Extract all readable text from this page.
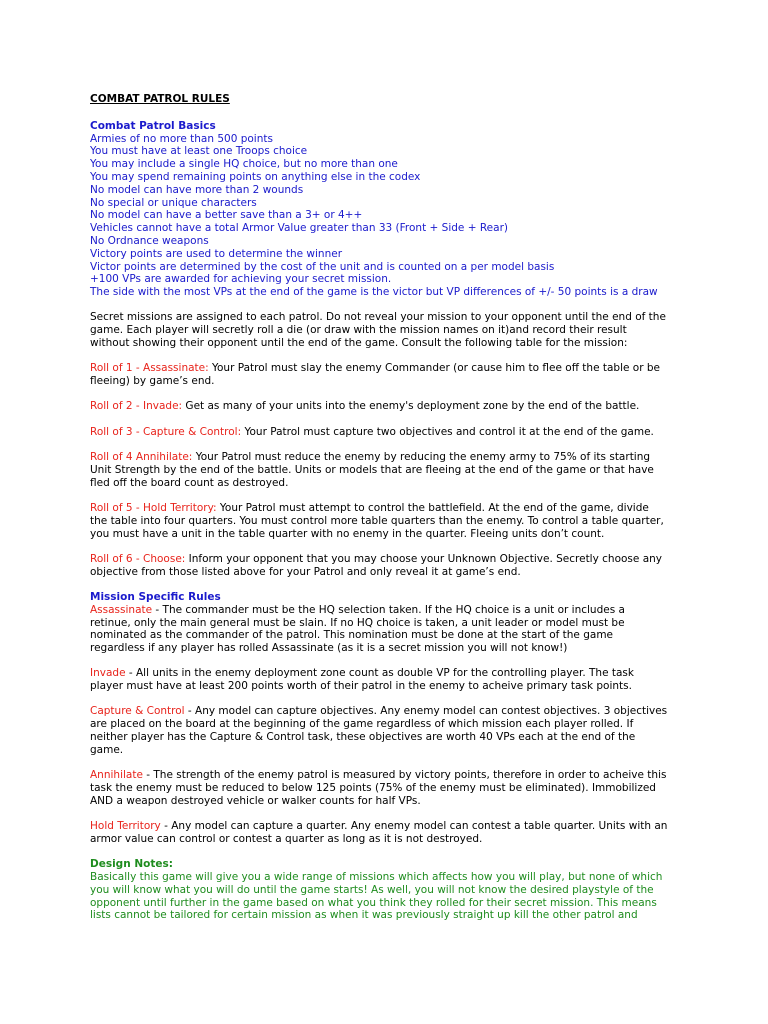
COMBAT PATROL RULES

Combat Patrol Basics

Armies of no more than 500 points

You must have at least one Troops choice

You may include a single HQ choice, but no more than one

You may spend remaining points on anything else in the codex

No model can have more than 2 wounds

No special or unique characters

No model can have a better save than a 3+ or 4++

Vehicles cannot have a total Armor Value greater than 33 (Front + Side + Rear)

No Ordnance weapons

Victory points are used to determine the winner

Victor points are determined by the cost of the unit and is counted on a per model basis

+100 VPs are awarded for achieving your secret mission.

The side with the most VPs at the end of the game is the victor but VP differences of +/- 50 points is a draw

Secret missions are assigned to each patrol. Do not reveal your mission to your opponent until the end of the

game. Each player will secretly roll a die (or draw with the mission names on it)and record their result

without showing their opponent until the end of the game. Consult the following table for the mission:

Roll of 1 - Assassinate: Your Patrol must slay the enemy Commander (or cause him to flee off the table or be

fleeing) by game’s end.

Roll of 2 - Invade: Get as many of your units into the enemy's deployment zone by the end of the battle.

Roll of 3 - Capture & Control: Your Patrol must capture two objectives and control it at the end of the game.

Roll of 4 Annihilate: Your Patrol must reduce the enemy by reducing the enemy army to 75% of its starting

Unit Strength by the end of the battle. Units or models that are fleeing at the end of the game or that have

fled off the board count as destroyed.

Roll of 5 - Hold Territory: Your Patrol must attempt to control the battlefield. At the end of the game, divide

the table into four quarters. You must control more table quarters than the enemy. To control a table quarter,

you must have a unit in the table quarter with no enemy in the quarter. Fleeing units don’t count.

Roll of 6 - Choose: Inform your opponent that you may choose your Unknown Objective. Secretly choose any

objective from those listed above for your Patrol and only reveal it at game’s end.

Mission Specific Rules

Assassinate - The commander must be the HQ selection taken. If the HQ choice is a unit or includes a

retinue, only the main general must be slain. If no HQ choice is taken, a unit leader or model must be

nominated as the commander of the patrol. This nomination must be done at the start of the game

regardless if any player has rolled Assassinate (as it is a secret mission you will not know!)

Invade - All units in the enemy deployment zone count as double VP for the controlling player. The task

player must have at least 200 points worth of their patrol in the enemy to acheive primary task points.

Capture & Control - Any model can capture objectives. Any enemy model can contest objectives. 3 objectives

are placed on the board at the beginning of the game regardless of which mission each player rolled. If

neither player has the Capture & Control task, these objectives are worth 40 VPs each at the end of the

game.

Annihilate - The strength of the enemy patrol is measured by victory points, therefore in order to acheive this

task the enemy must be reduced to below 125 points (75% of the enemy must be eliminated). Immobilized

AND a weapon destroyed vehicle or walker counts for half VPs.

Hold Territory - Any model can capture a quarter. Any enemy model can contest a table quarter. Units with an

armor value can control or contest a quarter as long as it is not destroyed.

Design Notes:

Basically this game will give you a wide range of missions which affects how you will play, but none of which

you will know what you will do until the game starts! As well, you will not know the desired playstyle of the

opponent until further in the game based on what you think they rolled for their secret mission. This means

lists cannot be tailored for certain mission as when it was previously straight up kill the other patrol and
